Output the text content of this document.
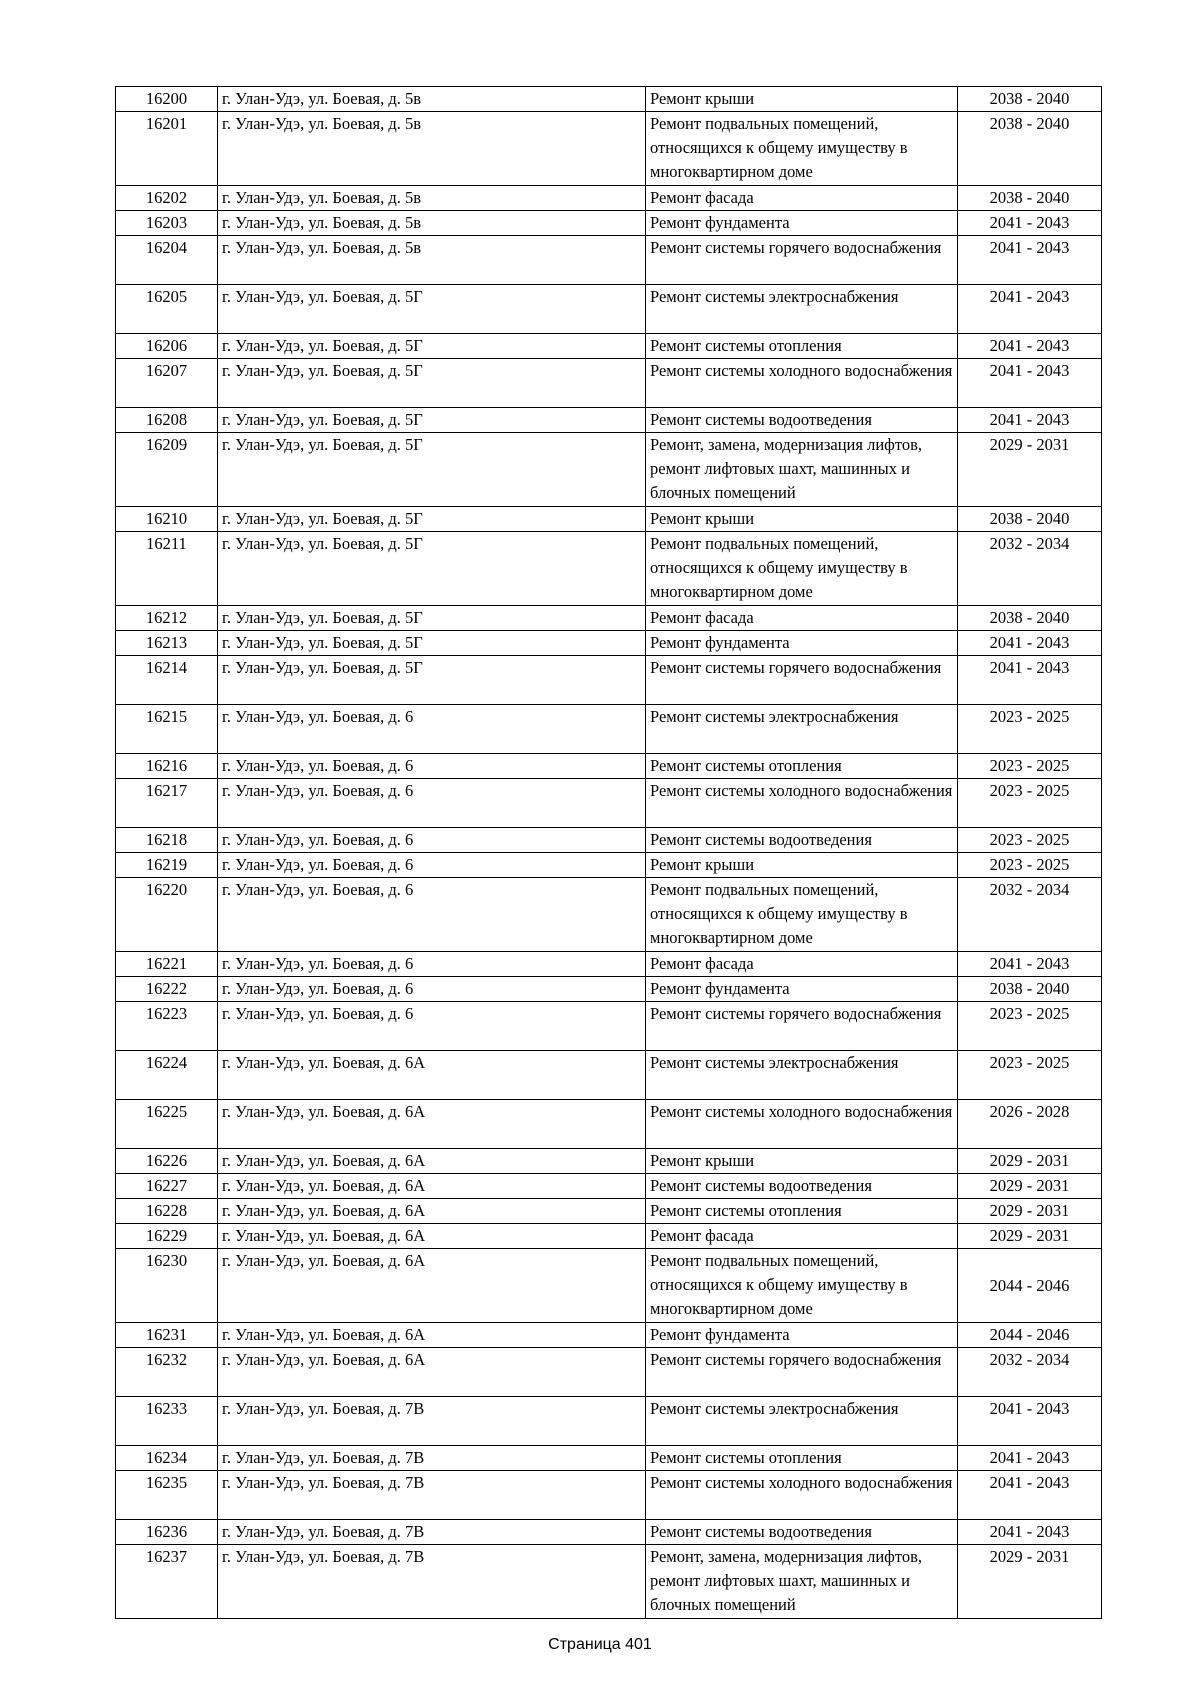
16200	г. Улан-Удэ, ул. Боевая, д. 5в	Ремонт крыши	2038 - 2040
16201	г. Улан-Удэ, ул. Боевая, д. 5в	Ремонт подвальных помещений, относящихся к общему имуществу в многоквартирном доме	2038 - 2040
16202	г. Улан-Удэ, ул. Боевая, д. 5в	Ремонт фасада	2038 - 2040
16203	г. Улан-Удэ, ул. Боевая, д. 5в	Ремонт фундамента	2041 - 2043
16204	г. Улан-Удэ, ул. Боевая, д. 5в	Ремонт системы горячего водоснабжения	2041 - 2043
16205	г. Улан-Удэ, ул. Боевая, д. 5Г	Ремонт системы электроснабжения	2041 - 2043
16206	г. Улан-Удэ, ул. Боевая, д. 5Г	Ремонт системы отопления	2041 - 2043
16207	г. Улан-Удэ, ул. Боевая, д. 5Г	Ремонт системы холодного водоснабжения	2041 - 2043
16208	г. Улан-Удэ, ул. Боевая, д. 5Г	Ремонт системы водоотведения	2041 - 2043
16209	г. Улан-Удэ, ул. Боевая, д. 5Г	Ремонт, замена, модернизация лифтов, ремонт лифтовых шахт, машинных и блочных помещений	2029 - 2031
16210	г. Улан-Удэ, ул. Боевая, д. 5Г	Ремонт крыши	2038 - 2040
16211	г. Улан-Удэ, ул. Боевая, д. 5Г	Ремонт подвальных помещений, относящихся к общему имуществу в многоквартирном доме	2032 - 2034
16212	г. Улан-Удэ, ул. Боевая, д. 5Г	Ремонт фасада	2038 - 2040
16213	г. Улан-Удэ, ул. Боевая, д. 5Г	Ремонт фундамента	2041 - 2043
16214	г. Улан-Удэ, ул. Боевая, д. 5Г	Ремонт системы горячего водоснабжения	2041 - 2043
16215	г. Улан-Удэ, ул. Боевая, д. 6	Ремонт системы электроснабжения	2023 - 2025
16216	г. Улан-Удэ, ул. Боевая, д. 6	Ремонт системы отопления	2023 - 2025
16217	г. Улан-Удэ, ул. Боевая, д. 6	Ремонт системы холодного водоснабжения	2023 - 2025
16218	г. Улан-Удэ, ул. Боевая, д. 6	Ремонт системы водоотведения	2023 - 2025
16219	г. Улан-Удэ, ул. Боевая, д. 6	Ремонт крыши	2023 - 2025
16220	г. Улан-Удэ, ул. Боевая, д. 6	Ремонт подвальных помещений, относящихся к общему имуществу в многоквартирном доме	2032 - 2034
16221	г. Улан-Удэ, ул. Боевая, д. 6	Ремонт фасада	2041 - 2043
16222	г. Улан-Удэ, ул. Боевая, д. 6	Ремонт фундамента	2038 - 2040
16223	г. Улан-Удэ, ул. Боевая, д. 6	Ремонт системы горячего водоснабжения	2023 - 2025
16224	г. Улан-Удэ, ул. Боевая, д. 6А	Ремонт системы электроснабжения	2023 - 2025
16225	г. Улан-Удэ, ул. Боевая, д. 6А	Ремонт системы холодного водоснабжения	2026 - 2028
16226	г. Улан-Удэ, ул. Боевая, д. 6А	Ремонт крыши	2029 - 2031
16227	г. Улан-Удэ, ул. Боевая, д. 6А	Ремонт системы водоотведения	2029 - 2031
16228	г. Улан-Удэ, ул. Боевая, д. 6А	Ремонт системы отопления	2029 - 2031
16229	г. Улан-Удэ, ул. Боевая, д. 6А	Ремонт фасада	2029 - 2031
16230	г. Улан-Удэ, ул. Боевая, д. 6А	Ремонт подвальных помещений, относящихся к общему имуществу в многоквартирном доме	2044 - 2046
16231	г. Улан-Удэ, ул. Боевая, д. 6А	Ремонт фундамента	2044 - 2046
16232	г. Улан-Удэ, ул. Боевая, д. 6А	Ремонт системы горячего водоснабжения	2032 - 2034
16233	г. Улан-Удэ, ул. Боевая, д. 7В	Ремонт системы электроснабжения	2041 - 2043
16234	г. Улан-Удэ, ул. Боевая, д. 7В	Ремонт системы отопления	2041 - 2043
16235	г. Улан-Удэ, ул. Боевая, д. 7В	Ремонт системы холодного водоснабжения	2041 - 2043
16236	г. Улан-Удэ, ул. Боевая, д. 7В	Ремонт системы водоотведения	2041 - 2043
16237	г. Улан-Удэ, ул. Боевая, д. 7В	Ремонт, замена, модернизация лифтов, ремонт лифтовых шахт, машинных и блочных помещений	2029 - 2031
Страница 401
